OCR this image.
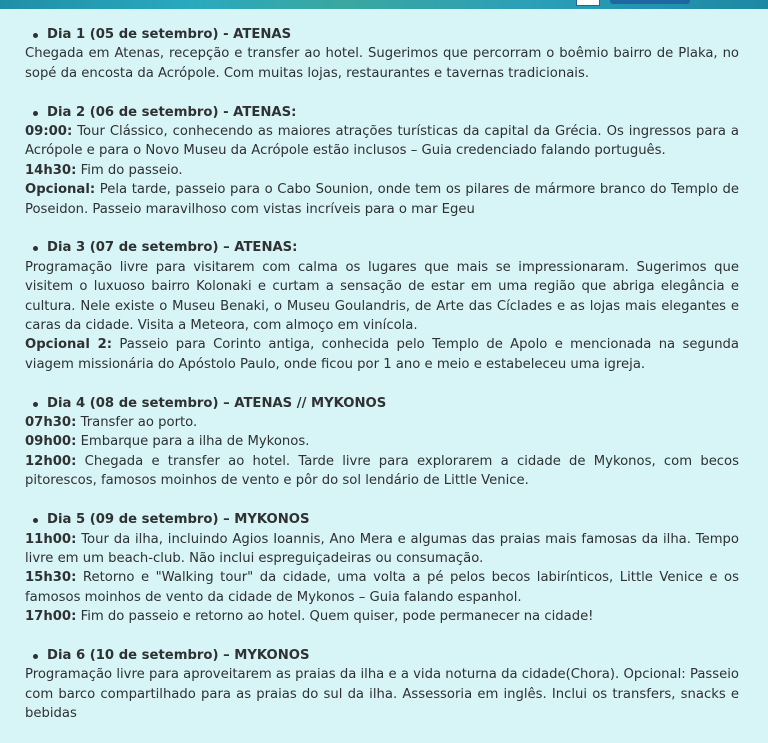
Dia 1 (05 de setembro) - ATENAS

Chegada em Atenas, recepção e transfer ao hotel. Sugerimos que percorram o boêmio bairro de Plaka, no sopé da encosta da Acrópole. Com muitas lojas, restaurantes e tavernas tradicionais.

Dia 2 (06 de setembro) - ATENAS:

09:00: Tour Clássico, conhecendo as maiores atrações turísticas da capital da Grécia. Os ingressos para a Acrópole e para o Novo Museu da Acrópole estão inclusos – Guia credenciado falando português.

14h30: Fim do passeio.

Opcional: Pela tarde, passeio para o Cabo Sounion, onde tem os pilares de mármore branco do Templo de Poseidon. Passeio maravilhoso com vistas incríveis para o mar Egeu

Dia 3 (07 de setembro) – ATENAS:

Programação livre para visitarem com calma os lugares que mais se impressionaram. Sugerimos que visitem o luxuoso bairro Kolonaki e curtam a sensação de estar em uma região que abriga elegância e cultura. Nele existe o Museu Benaki, o Museu Goulandris, de Arte das Cíclades e as lojas mais elegantes e caras da cidade. Visita a Meteora, com almoço em vinícola.

Opcional 2: Passeio para Corinto antiga, conhecida pelo Templo de Apolo e mencionada na segunda viagem missionária do Apóstolo Paulo, onde ficou por 1 ano e meio e estabeleceu uma igreja.

Dia 4 (08 de setembro) – ATENAS // MYKONOS

07h30: Transfer ao porto.

09h00: Embarque para a ilha de Mykonos.

12h00: Chegada e transfer ao hotel. Tarde livre para explorarem a cidade de Mykonos, com becos pitorescos, famosos moinhos de vento e pôr do sol lendário de Little Venice.

Dia 5 (09 de setembro) – MYKONOS

11h00: Tour da ilha, incluindo Agios Ioannis, Ano Mera e algumas das praias mais famosas da ilha. Tempo livre em um beach-club. Não inclui espreguiçadeiras ou consumação.

15h30: Retorno e "Walking tour" da cidade, uma volta a pé pelos becos labirínticos, Little Venice e os famosos moinhos de vento da cidade de Mykonos – Guia falando espanhol.

17h00: Fim do passeio e retorno ao hotel. Quem quiser, pode permanecer na cidade!

Dia 6 (10 de setembro) – MYKONOS

Programação livre para aproveitarem as praias da ilha e a vida noturna da cidade(Chora). Opcional: Passeio com barco compartilhado para as praias do sul da ilha. Assessoria em inglês. Inclui os transfers, snacks e bebidas
